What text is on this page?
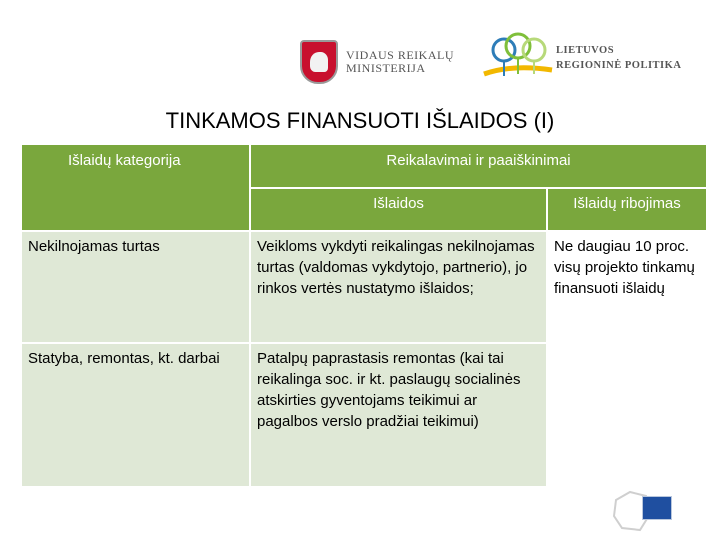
VIDAUS REIKALŲ
MINISTERIJA
LIETUVOS
REGIONINĖ POLITIKA
TINKAMOS FINANSUOTI IŠLAIDOS (I)
Išlaidų kategorija	Reikalavimai ir paaiškinimai	
	Išlaidos	Išlaidų ribojimas
Nekilnojamas turtas	Veikloms vykdyti reikalingas nekilnojamas turtas (valdomas vykdytojo, partnerio), jo rinkos vertės nustatymo išlaidos;	Ne daugiau 10 proc. visų projekto tinkamų finansuoti išlaidų
Statyba, remontas, kt. darbai	Patalpų paprastasis remontas (kai tai reikalinga soc. ir kt. paslaugų socialinės atskirties gyventojams teikimui ar pagalbos verslo pradžiai teikimui)	
